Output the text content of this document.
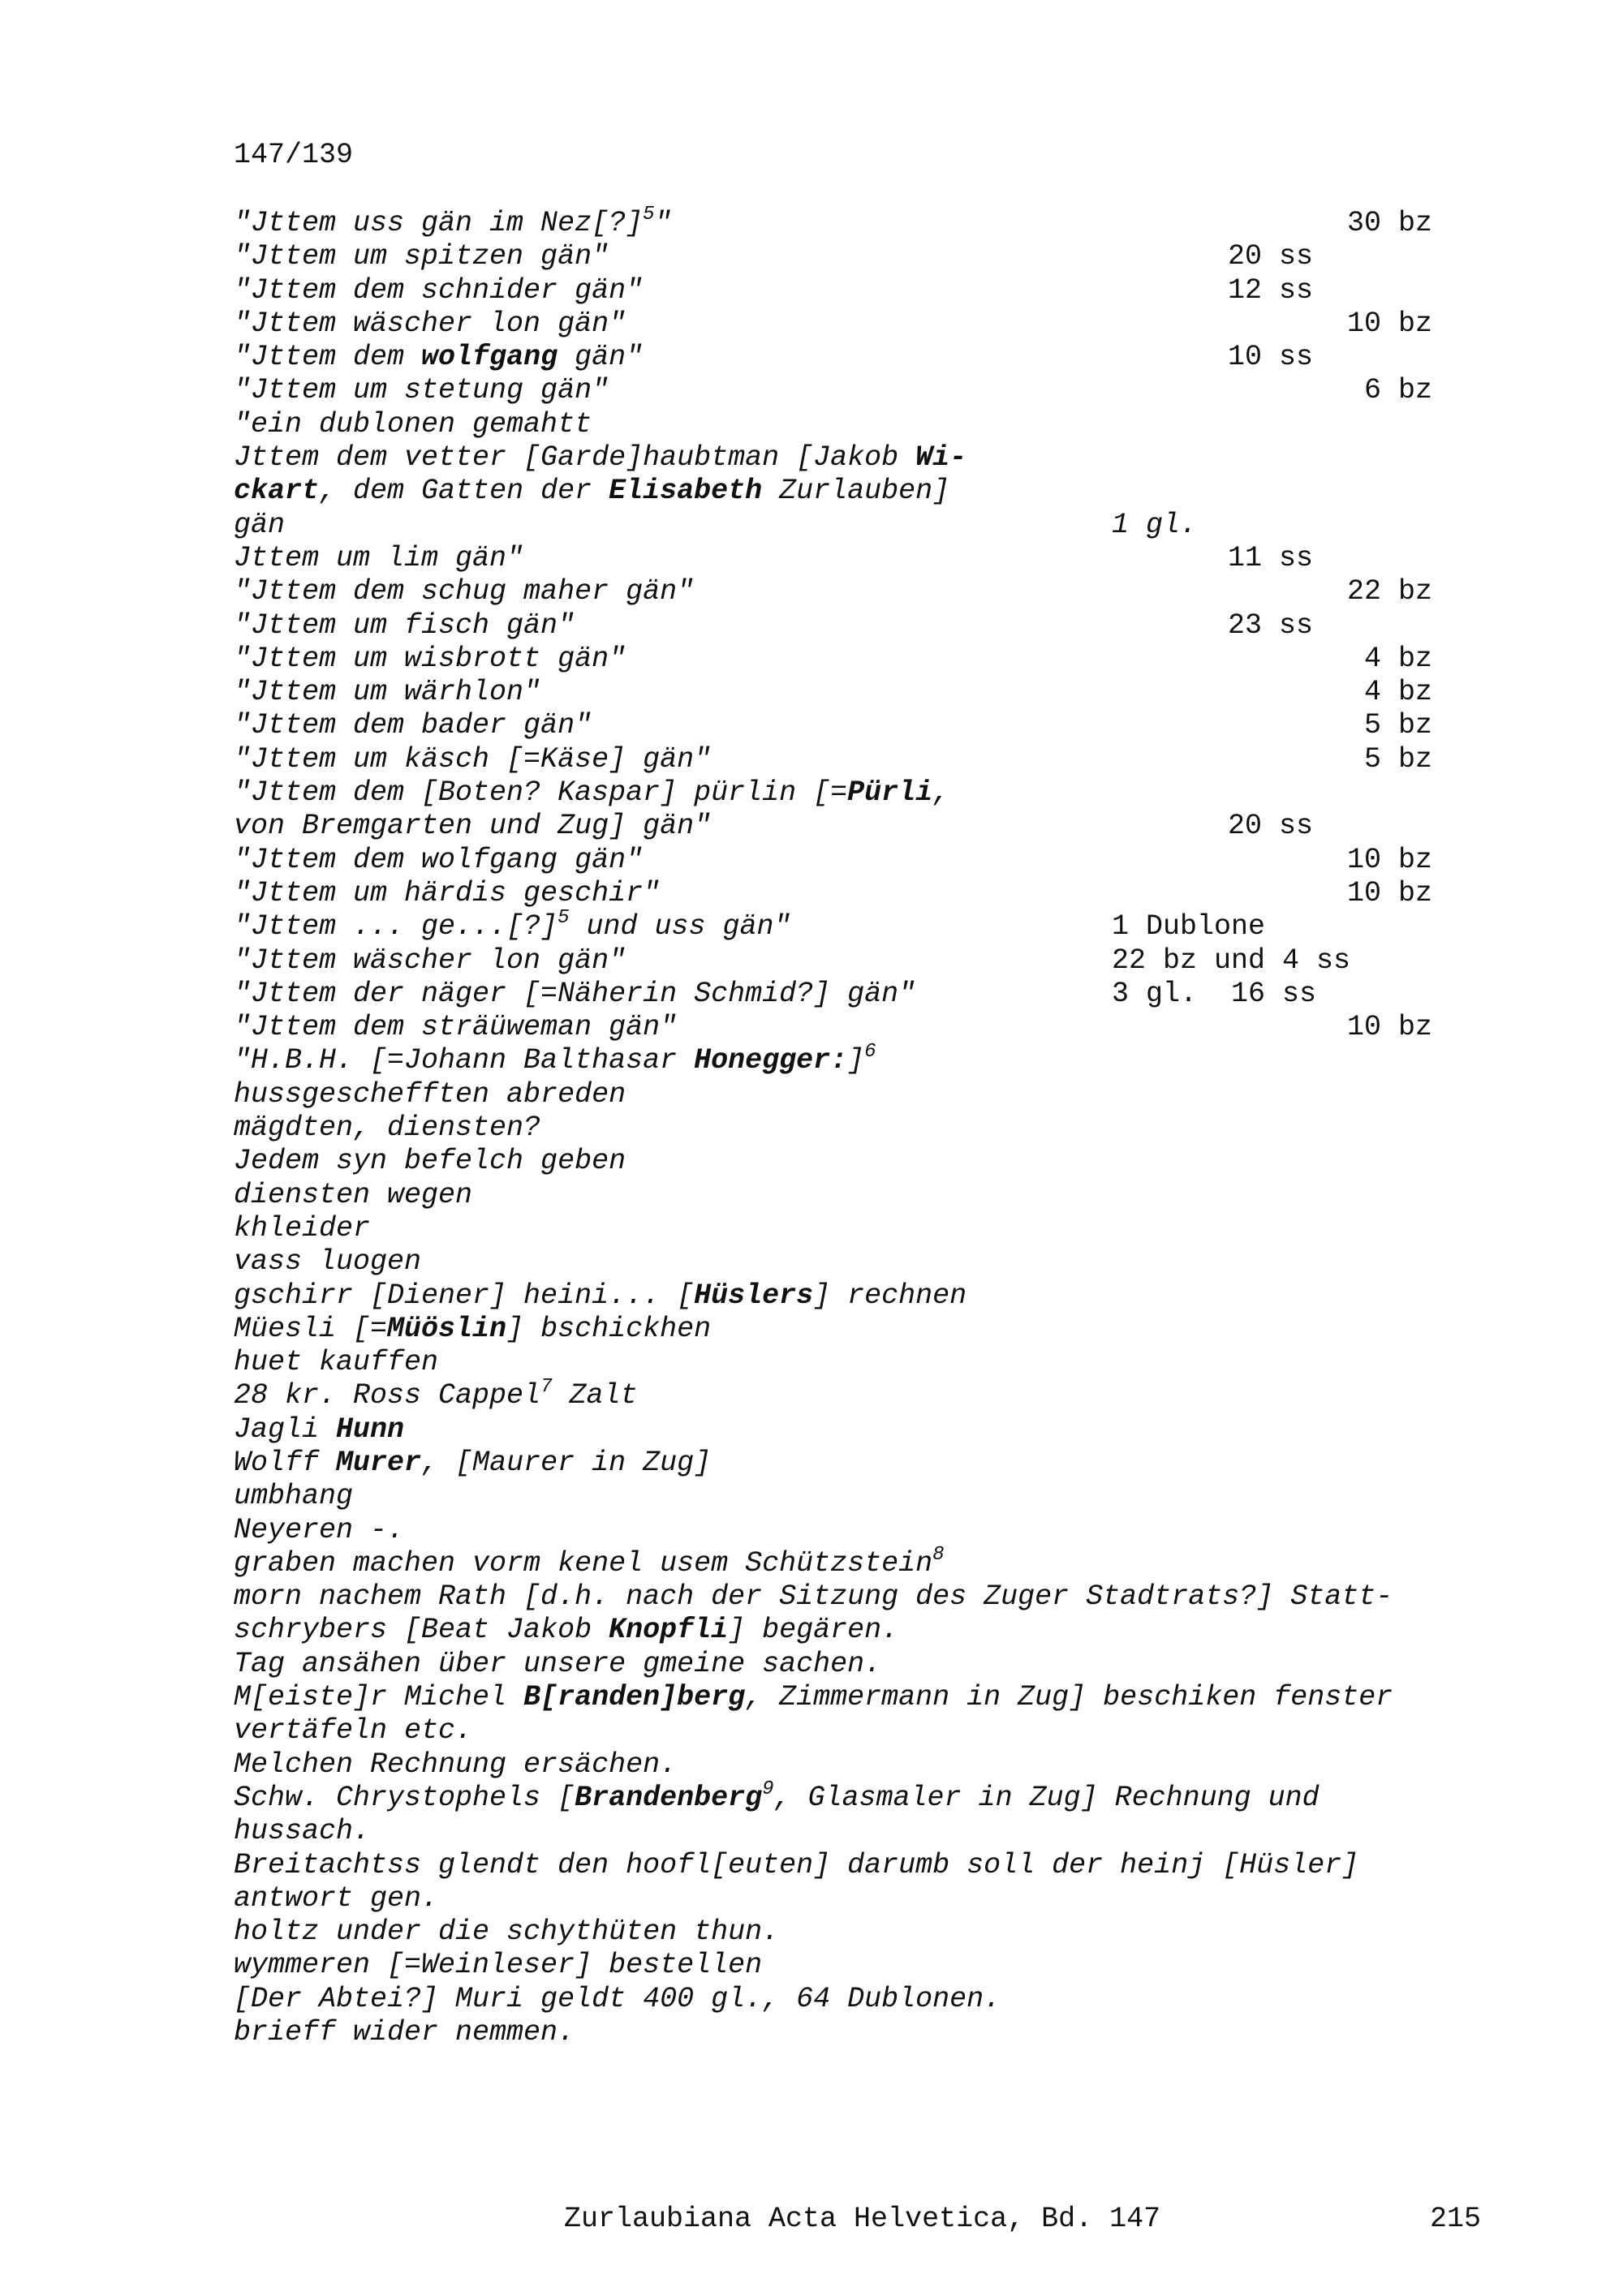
147/139
"Jttem uss gän im Nez[?]$^5$"	30 bz
"Jttem um spitzen gän"	20 ss
"Jttem dem schnider gän"	12 ss
"Jttem wäscher lon gän"	10 bz
"Jttem dem wolfgang gän"	10 ss
"Jttem um stetung gän"	6 bz
"ein dublonen gemahtt
Jttem dem vetter [Garde]haubtman [Jakob Wi-
ckart, dem Gatten der Elisabeth Zurlauben]
gän	1 gl.
Jttem um lim gän"	11 ss
"Jttem dem schug maher gän"	22 bz
"Jttem um fisch gän"	23 ss
"Jttem um wisbrott gän"	4 bz
"Jttem um wärhlon"	4 bz
"Jttem dem bader gän"	5 bz
"Jttem um käsch [=Käse] gän"	5 bz
"Jttem dem [Boten? Kaspar] pürlin [=Pürli,
von Bremgarten und Zug] gän"	20 ss
"Jttem dem wolfgang gän"	10 bz
"Jttem um härdis geschir"	10 bz
"Jttem ... ge...[?]$^5$ und uss gän"	1 Dublone
"Jttem wäscher lon gän"	22 bz und 4 ss
"Jttem der näger [=Näherin Schmid?] gän"	3 gl.  16 ss
"Jttem dem sträüweman gän"	10 bz
"H.B.H. [=Johann Balthasar Honegger:]$^6$
hussgeschefften abreden
mägdten, diensten?
Jedem syn befelch geben
diensten wegen
khleider
vass luogen
gschirr [Diener] heini... [Hüslers] rechnen
Müesli [=Müöslin] bschickhen
huet kauffen
28 kr. Ross Cappel$^7$ Zalt
Jagli Hunn
Wolff Murer, [Maurer in Zug]
umbhang
Neyeren -.
graben machen vorm kenel usem Schützstein$^8$
morn nachem Rath [d.h. nach der Sitzung des Zuger Stadtrats?] Statt-
schrybers [Beat Jakob Knopfli] begären.
Tag ansähen über unsere gmeine sachen.
M[eiste]r Michel B[randen]berg, Zimmermann in Zug] beschiken fenster
vertäfeln etc.
Melchen Rechnung ersächen.
Schw. Chrystophels [Brandenberg$^9$, Glasmaler in Zug] Rechnung und
hussach.
Breitachtss glendt den hoofl[euten] darumb soll der heinj [Hüsler]
antwort gen.
holtz under die schythüten thun.
wymmeren [=Weinleser] bestellen
[Der Abtei?] Muri geldt 400 gl., 64 Dublonen.
brieff wider nemmen.
Zurlaubiana Acta Helvetica, Bd. 147	215
